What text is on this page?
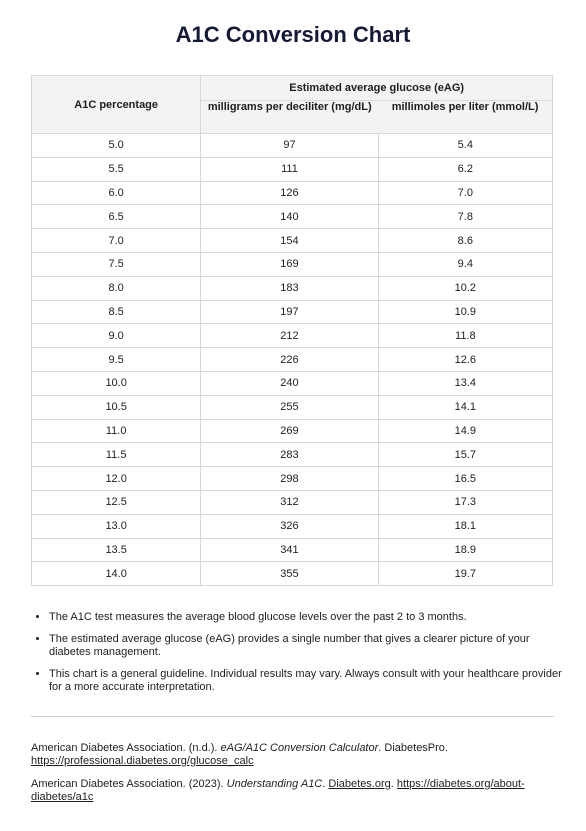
A1C Conversion Chart
A1C percentage	Estimated average glucose (eAG)	
	milligrams per deciliter (mg/dL)	millimoles per liter (mmol/L)
5.0	97	5.4
5.5	111	6.2
6.0	126	7.0
6.5	140	7.8
7.0	154	8.6
7.5	169	9.4
8.0	183	10.2
8.5	197	10.9
9.0	212	11.8
9.5	226	12.6
10.0	240	13.4
10.5	255	14.1
11.0	269	14.9
11.5	283	15.7
12.0	298	16.5
12.5	312	17.3
13.0	326	18.1
13.5	341	18.9
14.0	355	19.7
• The A1C test measures the average blood glucose levels over the past 2 to 3 months.
• The estimated average glucose (eAG) provides a single number that gives a clearer picture of your diabetes management.
• This chart is a general guideline. Individual results may vary. Always consult with your healthcare provider for a more accurate interpretation.

American Diabetes Association. (n.d.). eAG/A1C Conversion Calculator. DiabetesPro. https://professional.diabetes.org/glucose_calc

American Diabetes Association. (2023). Understanding A1C. Diabetes.org. https://diabetes.org/about-diabetes/a1c
